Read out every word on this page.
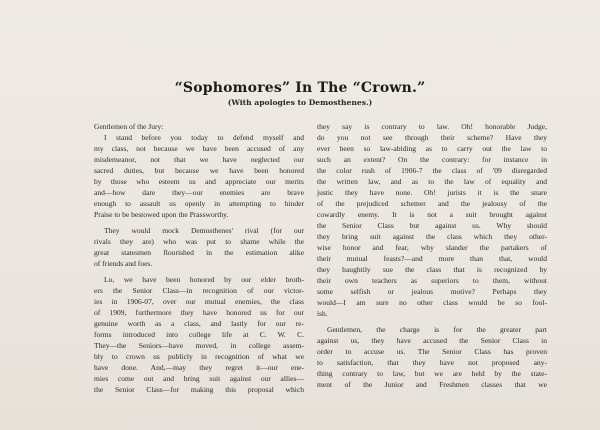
“Sophomores” In The “Crown.”
(With apologies to Demosthenes.)
Gentlemen of the Jury:
I stand before you today to defend myself and
my class, not because we have been accused of any
misdemeanor, not that we have neglected our
sacred duties, but because we have been honored
by those who esteem us and appreciate our merits
and—how dare they—our enemies are brave
enough to assault us openly in attempting to hinder
Praise to be bestowed upon the Prassworthy.
They would mock Demosthenes' rival (for our
rivals they are) who was put to shame while the
great statesmen flourished in the estimation alike
of friends and foes.
Lo, we have been honored by our elder broth-
ers the Senior Class—in recognition of our victor-
ies in 1906-07, over our mutual enemies, the class
of 1909, furthermore they have honored us for our
genuine worth as a class, and lastly for our re-
forms introduced into college life at C. W. C.
They—the Seniors—have moved, in college assem-
bly to crown us publicly in recognition of what we
have done. And,—may they regret it—our ene-
mies come out and bring suit against our allies—
the Senior Class—for making this proposal which
they say is contrary to law. Oh! honorable Judge,
do you not see through their scheme? Have they
ever been so law-abiding as to carry out the law to
such an extent? On the contrary: for instance in
the color rush of 1906-7 the class of '09 disregarded
the written law, and as to the law of equality and
justic they have none. Oh! jurists it is the snare
of the prejudiced schemer and the jealousy of the
cowardly enemy. It is not a suit brought against
the Senior Class but against us. Why should
they bring suit against the class which they other-
wise honor and fear, why slander the partakers of
their mutual feasts?—and more than that, would
they haughtily sue the class that is recognized by
their own teachers as superiors to them, without
some selfish or jealous motive? Perhaps they
would—I am sure no other class would be so fool-
ish.
Gentlemen, the charge is for the greater part
against us, they have accused the Senior Class in
order to accuse us. The Senior Class has proven
to satisfaction, that they have not proposed any-
thing contrary to law, but we are held by the state-
ment of the Junior and Freshmen classes that we
